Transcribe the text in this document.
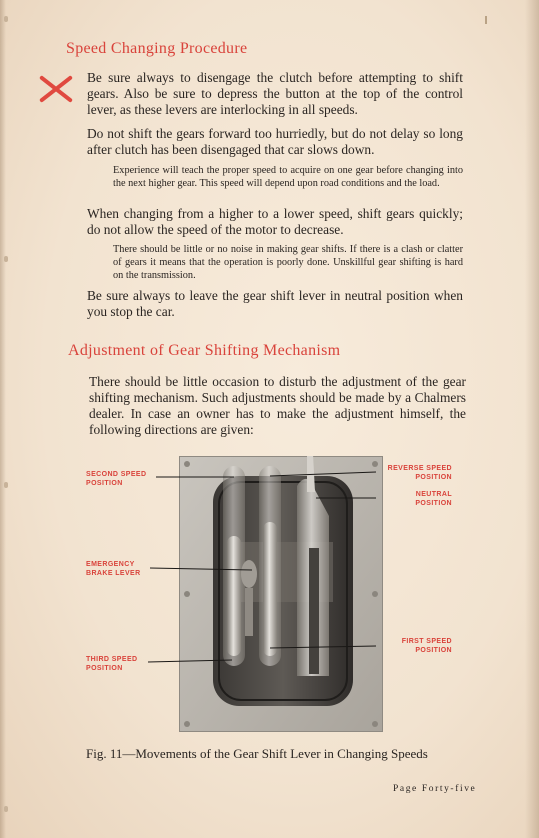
Speed Changing Procedure

Be sure always to disengage the clutch before attempting to shift gears. Also be sure to depress the button at the top of the control lever, as these levers are interlocking in all speeds.

Do not shift the gears forward too hurriedly, but do not delay so long after clutch has been disengaged that car slows down.

Experience will teach the proper speed to acquire on one gear before changing into the next higher gear. This speed will depend upon road conditions and the load.

When changing from a higher to a lower speed, shift gears quickly; do not allow the speed of the motor to decrease.

There should be little or no noise in making gear shifts. If there is a clash or clatter of gears it means that the operation is poorly done. Unskillful gear shifting is hard on the transmission.

Be sure always to leave the gear shift lever in neutral position when you stop the car.

Adjustment of Gear Shifting Mechanism

There should be little occasion to disturb the adjustment of the gear shifting mechanism. Such adjustments should be made by a Chalmers dealer. In case an owner has to make the adjustment himself, the following directions are given:

SECOND SPEED
POSITION
EMERGENCY
BRAKE LEVER
THIRD SPEED
POSITION
REVERSE SPEED
POSITION
NEUTRAL
POSITION
FIRST SPEED
POSITION

Fig. 11—Movements of the Gear Shift Lever in Changing Speeds

Page Forty-five
